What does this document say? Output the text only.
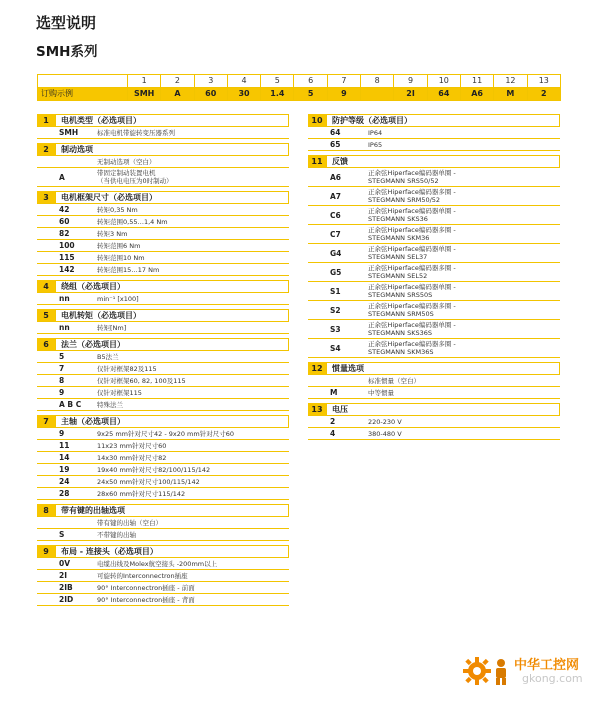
选型说明
SMH系列
	1	2	3	4	5	6	7	8	9	10	11	12	13
订购示例	SMH	A	60	30	1.4	5	9		2I	64	A6	M	2
1	电机类型（必选项目）
SMH	标准电机带旋转变压器系列
2	制动选项
无制动选项（空白）
A	带固定制动装置电机
（当供电电压为0时制动）
3	电机框架尺寸（必选项目）
42	转矩0,35 Nm
60	转矩范围0,55…1,4 Nm
82	转矩3 Nm
100	转矩范围6 Nm
115	转矩范围10 Nm
142	转矩范围15…17 Nm
4	绕组（必选项目）
nn	min⁻¹ [x100]
5	电机转矩（必选项目）
nn	转矩[Nm]
6	法兰（必选项目）
5	B5法兰
7	仅针对框架82及115
8	仅针对框架60, 82, 100及115
9	仅针对框架115
A B C	特殊法兰
7	主轴（必选项目）
9	9x25 mm针对尺寸42 - 9x20 mm针对尺寸60
11	11x23 mm针对尺寸60
14	14x30 mm针对尺寸82
19	19x40 mm针对尺寸82/100/115/142
24	24x50 mm针对尺寸100/115/142
28	28x60 mm针对尺寸115/142
8	带有键的出轴选项
带有键的出轴（空白）
S	不带键的出轴
9	布局 - 连接头（必选项目）
0V	电缆出线及Molex航空接头 -200mm以上
2I	可旋转的Interconnectron插座
2IB	90° Interconnectron插座 - 前面
2ID	90° Interconnectron插座 - 背面
10	防护等级（必选项目）
64	IP64
65	IP65
11	反馈
A6	正余弦Hiperface编码器单圈 -
STEGMANN SRS50/52
A7	正余弦Hiperface编码器多圈 -
STEGMANN SRM50/52
C6	正余弦Hiperface编码器单圈 -
STEGMANN SKS36
C7	正余弦Hiperface编码器多圈 -
STEGMANN SKM36
G4	正余弦Hiperface编码器单圈 -
STEGMANN SEL37
G5	正余弦Hiperface编码器多圈 -
STEGMANN SEL52
S1	正余弦Hiperface编码器单圈 -
STEGMANN SRS50S
S2	正余弦Hiperface编码器多圈 -
STEGMANN SRM50S
S3	正余弦Hiperface编码器单圈 -
STEGMANN SKS36S
S4	正余弦Hiperface编码器多圈 -
STEGMANN SKM36S
12	惯量选项
标准惯量（空白）
M	中等惯量
13	电压
2	220-230 V
4	380-480 V
中华工控网
gkong.com
